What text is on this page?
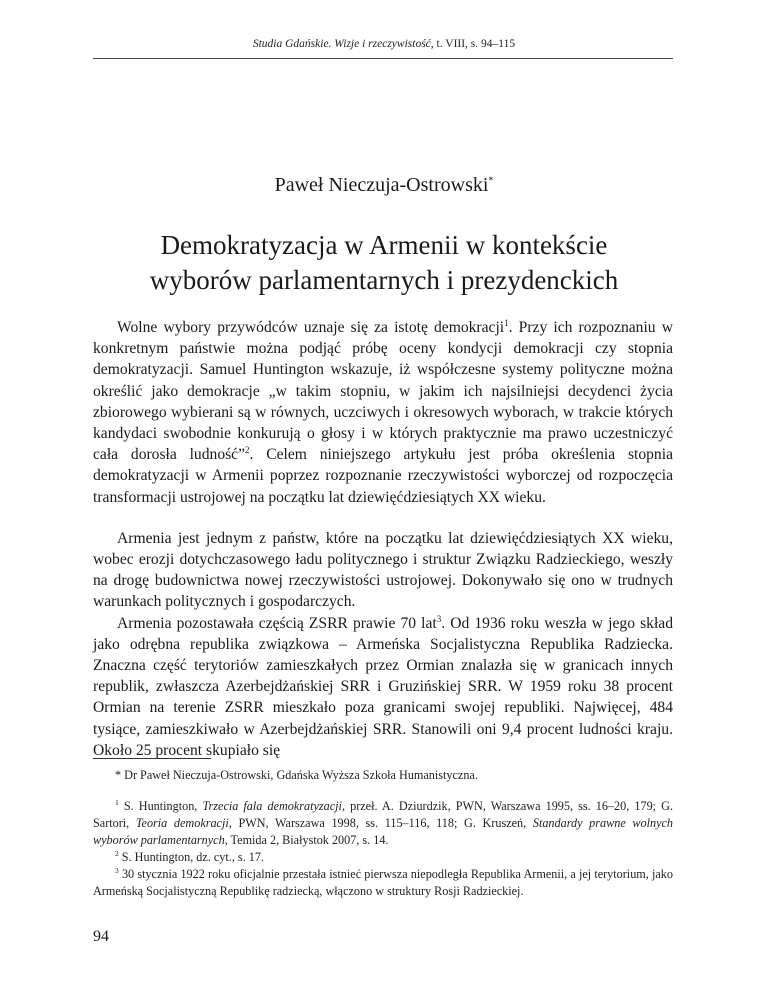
Studia Gdańskie. Wizje i rzeczywistość, t. VIII, s. 94–115
Paweł Nieczuja-Ostrowski*
Demokratyzacja w Armenii w kontekście
wyborów parlamentarnych i prezydenckich

Wolne wybory przywódców uznaje się za istotę demokracji$^1$. Przy ich rozpoznaniu w konkretnym państwie można podjąć próbę oceny kondycji demokracji czy stopnia demokratyzacji. Samuel Huntington wskazuje, iż współczesne systemy polityczne można określić jako demokracje „w takim stopniu, w jakim ich najsilniejsi decydenci życia zbiorowego wybierani są w równych, uczciwych i okresowych wyborach, w trakcie których kandydaci swobodnie konkurują o głosy i w których praktycznie ma prawo uczestniczyć cała dorosła ludność”$^2$. Celem niniejszego artykułu jest próba określenia stopnia demokratyzacji w Armenii poprzez rozpoznanie rzeczywistości wyborczej od rozpoczęcia transformacji ustrojowej na początku lat dziewięćdziesiątych XX wieku.

Armenia jest jednym z państw, które na początku lat dziewięćdziesiątych XX wieku, wobec erozji dotychczasowego ładu politycznego i struktur Związku Radzieckiego, weszły na drogę budownictwa nowej rzeczywistości ustrojowej. Dokonywało się ono w trudnych warunkach politycznych i gospodarczych.

Armenia pozostawała częścią ZSRR prawie 70 lat$^3$. Od 1936 roku weszła w jego skład jako odrębna republika związkowa – Armeńska Socjalistyczna Republika Radziecka. Znaczna część terytoriów zamieszkałych przez Ormian znalazła się w granicach innych republik, zwłaszcza Azerbejdżańskiej SRR i Gruzińskiej SRR. W 1959 roku 38 procent Ormian na terenie ZSRR mieszkało poza granicami swojej republiki. Najwięcej, 484 tysiące, zamieszkiwało w Azerbejdżańskiej SRR. Stanowili oni 9,4 procent ludności kraju. Około 25 procent skupiało się

* Dr Paweł Nieczuja-Ostrowski, Gdańska Wyższa Szkoła Humanistyczna.

$^1$ S. Huntington, Trzecia fala demokratyzacji, przeł. A. Dziurdzik, PWN, Warszawa 1995, ss. 16–20, 179; G. Sartori, Teoria demokracji, PWN, Warszawa 1998, ss. 115–116, 118; G. Kruszeń, Standardy prawne wolnych wyborów parlamentarnych, Temida 2, Białystok 2007, s. 14.

$^2$ S. Huntington, dz. cyt., s. 17.

$^3$ 30 stycznia 1922 roku oficjalnie przestała istnieć pierwsza niepodległa Republika Armenii, a jej terytorium, jako Armeńską Socjalistyczną Republikę radziecką, włączono w struktury Rosji Radzieckiej.

94
